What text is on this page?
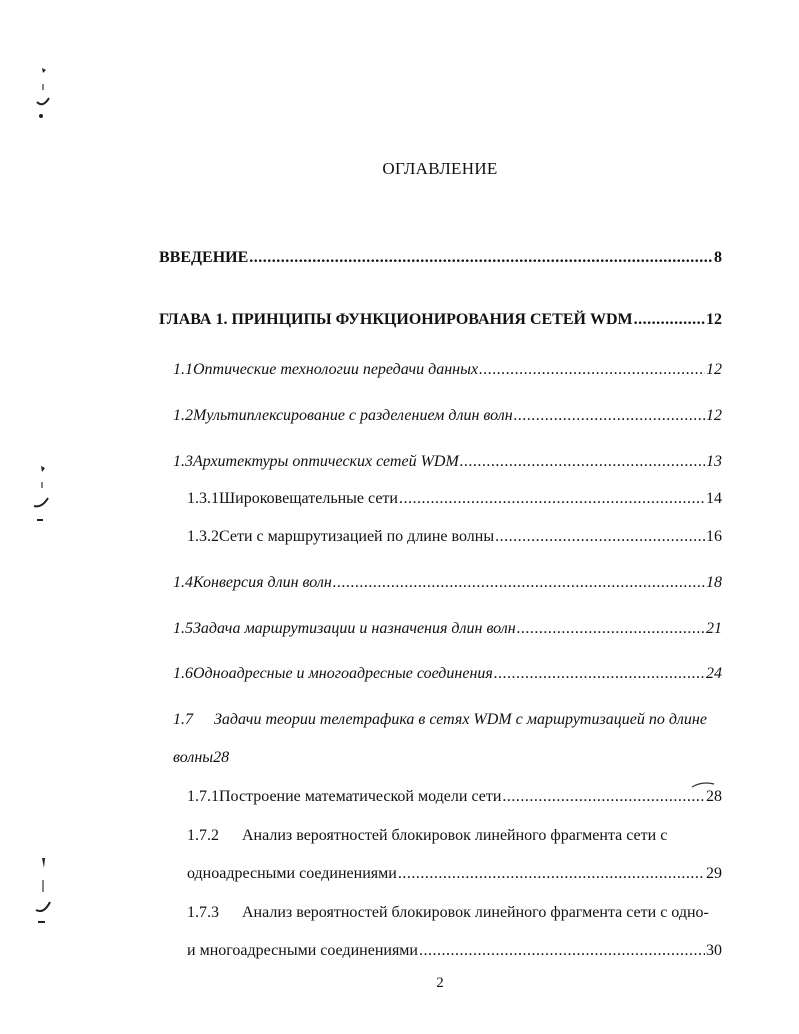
ОГЛАВЛЕНИЕ
ВВЕДЕНИЕ .....	8
ГЛАВА 1. ПРИНЦИПЫ ФУНКЦИОНИРОВАНИЯ СЕТЕЙ WDM .....	12
1.1 Оптические технологии передачи данных .....	12
1.2 Мультиплексирование с разделением длин волн .....	12
1.3 Архитектуры оптических сетей WDM .....	13
1.3.1 Широковещательные сети .....	14
1.3.2 Сети с маршрутизацией по длине волны .....	16
1.4 Конверсия длин волн .....	18
1.5 Задача маршрутизации и назначения длин волн .....	21
1.6 Одноадресные и многоадресные соединения .....	24
1.7 Задачи теории телетрафика в сетях WDM с маршрутизацией по длине
волны28
1.7.1 Построение математической модели сети .....	28
1.7.2 Анализ вероятностей блокировок линейного фрагмента сети с
одноадресными соединениями .....	29
1.7.3 Анализ вероятностей блокировок линейного фрагмента сети с одно-
и многоадресными соединениями .....	30
2
